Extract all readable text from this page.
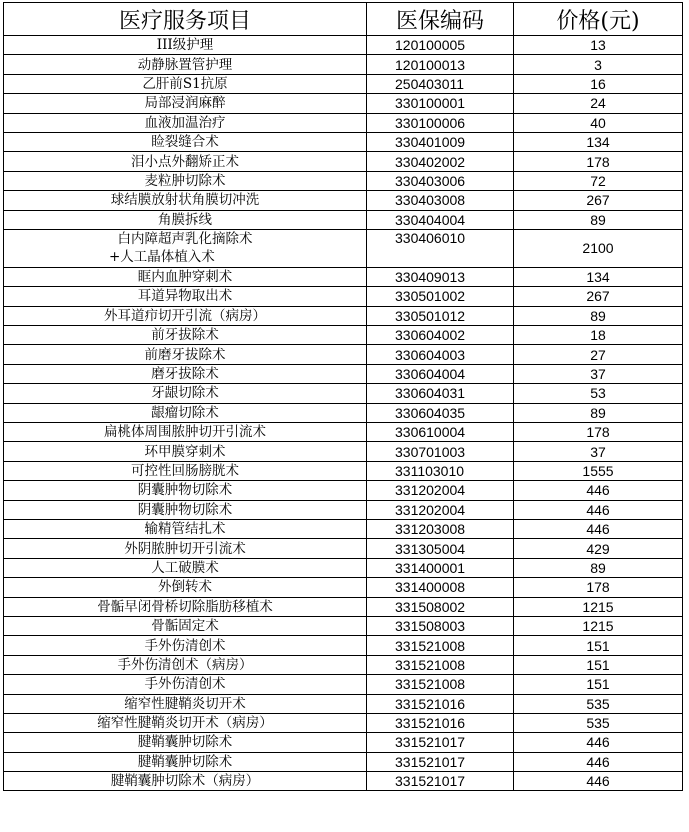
医疗服务项目	医保编码	价格(元)
III级护理	120100005	13
动静脉置管护理	120100013	3
乙肝前S1抗原	250403011	16
局部浸润麻醉	330100001	24
血液加温治疗	330100006	40
睑裂缝合术	330401009	134
泪小点外翻矫正术	330402002	178
麦粒肿切除术	330403006	72
球结膜放射状角膜切冲洗	330403008	267
角膜拆线	330404004	89

白内障超声乳化摘除术
+人工晶体植入术	330406010	2100
眶内血肿穿刺术	330409013	134
耳道异物取出术	330501002	267
外耳道疖切开引流（病房）	330501012	89
前牙拔除术	330604002	18
前磨牙拔除术	330604003	27
磨牙拔除术	330604004	37
牙龈切除术	330604031	53
龈瘤切除术	330604035	89
扁桃体周围脓肿切开引流术	330610004	178
环甲膜穿刺术	330701003	37
可控性回肠膀胱术	331103010	1555
阴囊肿物切除术	331202004	446
阴囊肿物切除术	331202004	446
输精管结扎术	331203008	446
外阴脓肿切开引流术	331305004	429
人工破膜术	331400001	89
外倒转术	331400008	178
骨骺早闭骨桥切除脂肪移植术	331508002	1215
骨骺固定术	331508003	1215
手外伤清创术	331521008	151
手外伤清创术（病房）	331521008	151
手外伤清创术	331521008	151
缩窄性腱鞘炎切开术	331521016	535
缩窄性腱鞘炎切开术（病房）	331521016	535
腱鞘囊肿切除术	331521017	446
腱鞘囊肿切除术	331521017	446
腱鞘囊肿切除术（病房）	331521017	446
